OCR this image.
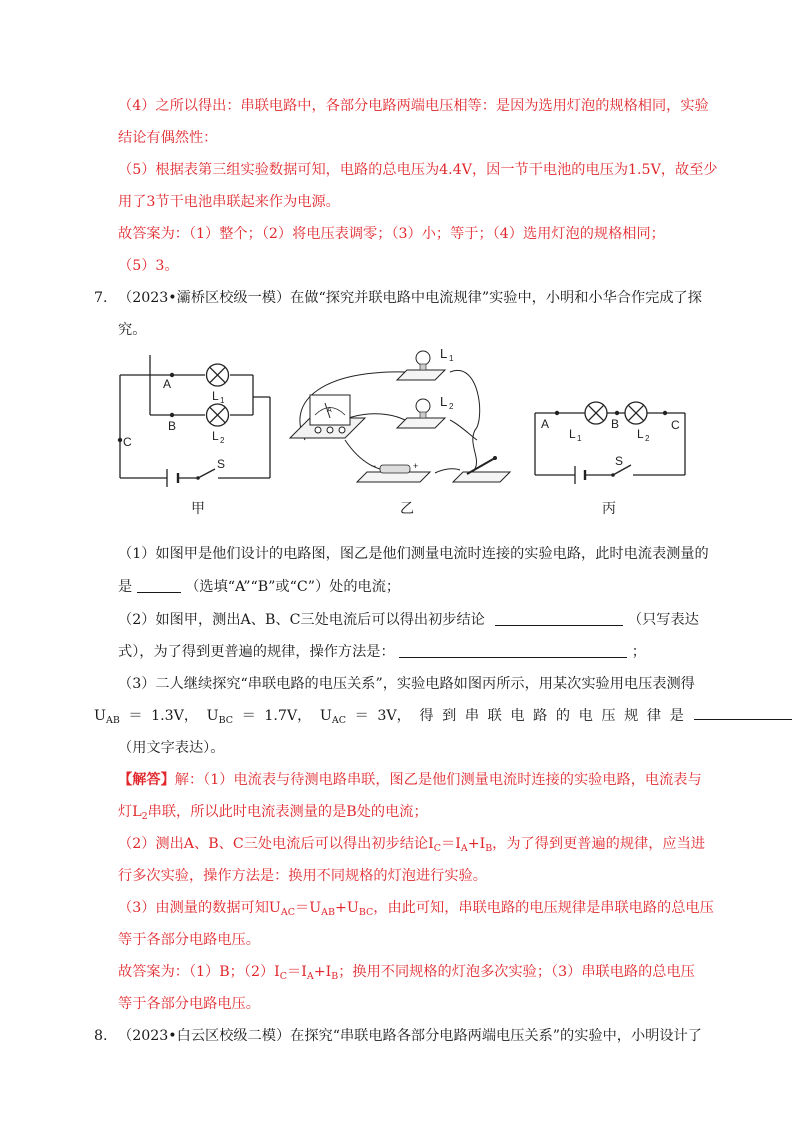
（4）之所以得出：串联电路中，各部分电路两端电压相等：是因为选用灯泡的规格相同，实验
结论有偶然性：
（5）根据表第三组实验数据可知，电路的总电压为4.4V，因一节干电池的电压为1.5V，故至少
用了3节干电池串联起来作为电源。
故答案为：（1）整个；（2）将电压表调零；（3）小；等于；（4）选用灯泡的规格相同；
（5）3。
7. （2023•灞桥区校级一模）在做“探究并联电路中电流规律”实验中，小明和小华合作完成了探
究。
A
B
C
L 1
L 2
S
甲
A
L 1
L 2
−	+
乙
A	B	C
L 1	L 2
S
丙
（1）如图甲是他们设计的电路图，图乙是他们测量电流时连接的实验电路，此时电流表测量的
是	（选填“A”“B”或“C”）处的电流；
（2）如图甲，测出A、B、C三处电流后可以得出初步结论	（只写表达
式），为了得到更普遍的规律，操作方法是：	；
（3）二人继续探究“串联电路的电压关系”，实验电路如图丙所示，用某次实验用电压表测得
$U_{AB} = 1.3V$， $U_{BC} = 1.7V$， $U_{AC} = 3V$， 得 到 串 联 电 路 的 电 压 规 律 是
（用文字表达）。
【解答】解：（1）电流表与待测电路串联，图乙是他们测量电流时连接的实验电路，电流表与
灯$L_2$串联，所以此时电流表测量的是B处的电流；
（2）测出A、B、C三处电流后可以得出初步结论$I_C=I_A+I_B$，为了得到更普遍的规律，应当进
行多次实验，操作方法是：换用不同规格的灯泡进行实验。
（3）由测量的数据可知$U_{AC}=U_{AB}+U_{BC}$，由此可知，串联电路的电压规律是串联电路的总电压
等于各部分电路电压。
故答案为：（1）B；$(2)I_C=I_A+I_B$；换用不同规格的灯泡多次实验；（3）串联电路的总电压
等于各部分电路电压。
8. （2023•白云区校级二模）在探究“串联电路各部分电路两端电压关系”的实验中，小明设计了
